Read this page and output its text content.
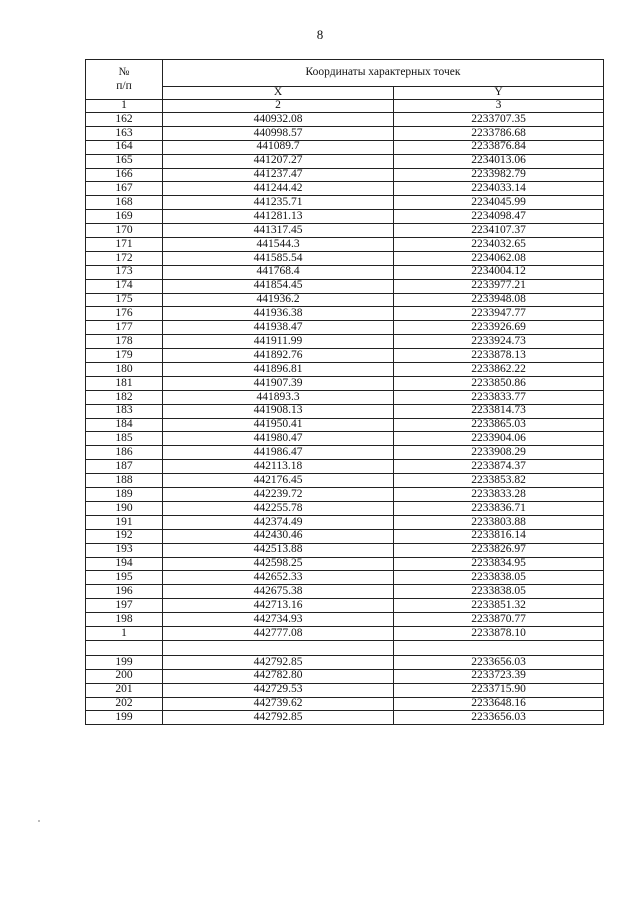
8
№
п/п	Координаты характерных точек	
	X	Y
1	2	3
162	440932.08	2233707.35
163	440998.57	2233786.68
164	441089.7	2233876.84
165	441207.27	2234013.06
166	441237.47	2233982.79
167	441244.42	2234033.14
168	441235.71	2234045.99
169	441281.13	2234098.47
170	441317.45	2234107.37
171	441544.3	2234032.65
172	441585.54	2234062.08
173	441768.4	2234004.12
174	441854.45	2233977.21
175	441936.2	2233948.08
176	441936.38	2233947.77
177	441938.47	2233926.69
178	441911.99	2233924.73
179	441892.76	2233878.13
180	441896.81	2233862.22
181	441907.39	2233850.86
182	441893.3	2233833.77
183	441908.13	2233814.73
184	441950.41	2233865.03
185	441980.47	2233904.06
186	441986.47	2233908.29
187	442113.18	2233874.37
188	442176.45	2233853.82
189	442239.72	2233833.28
190	442255.78	2233836.71
191	442374.49	2233803.88
192	442430.46	2233816.14
193	442513.88	2233826.97
194	442598.25	2233834.95
195	442652.33	2233838.05
196	442675.38	2233838.05
197	442713.16	2233851.32
198	442734.93	2233870.77
1	442777.08	2233878.10

199	442792.85	2233656.03
200	442782.80	2233723.39
201	442729.53	2233715.90
202	442739.62	2233648.16
199	442792.85	2233656.03
